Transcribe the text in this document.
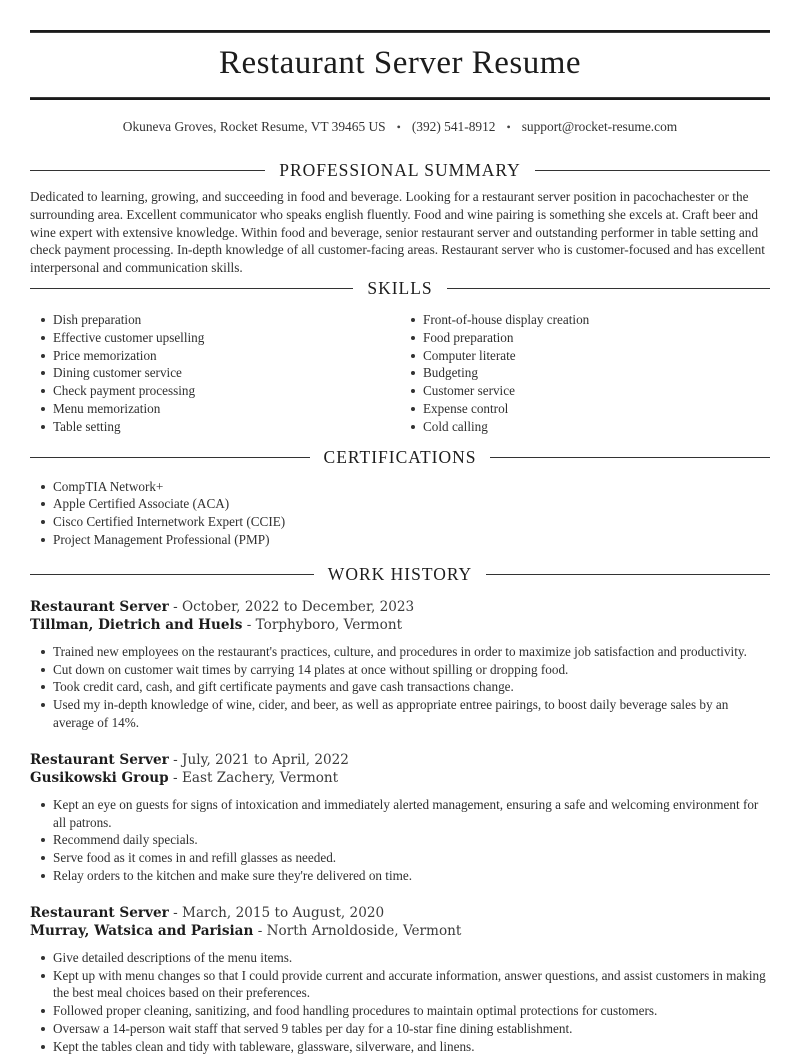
Restaurant Server Resume
Okuneva Groves, Rocket Resume, VT 39465 US • (392) 541-8912 • support@rocket-resume.com
PROFESSIONAL SUMMARY

Dedicated to learning, growing, and succeeding in food and beverage. Looking for a restaurant server position in pacochachester or the surrounding area. Excellent communicator who speaks english fluently. Food and wine pairing is something she excels at. Craft beer and wine expert with extensive knowledge. Within food and beverage, senior restaurant server and outstanding performer in table setting and check payment processing. In-depth knowledge of all customer-facing areas. Restaurant server who is customer-focused and has excellent interpersonal and communication skills.

SKILLS
Dish preparation
Effective customer upselling
Price memorization
Dining customer service
Check payment processing
Menu memorization
Table setting
Front-of-house display creation
Food preparation
Computer literate
Budgeting
Customer service
Expense control
Cold calling
CERTIFICATIONS
CompTIA Network+
Apple Certified Associate (ACA)
Cisco Certified Internetwork Expert (CCIE)
Project Management Professional (PMP)
WORK HISTORY
Restaurant Server - October, 2022 to December, 2023
Tillman, Dietrich and Huels - Torphyboro, Vermont
Trained new employees on the restaurant's practices, culture, and procedures in order to maximize job satisfaction and productivity.
Cut down on customer wait times by carrying 14 plates at once without spilling or dropping food.
Took credit card, cash, and gift certificate payments and gave cash transactions change.
Used my in-depth knowledge of wine, cider, and beer, as well as appropriate entree pairings, to boost daily beverage sales by an average of 14%.
Restaurant Server - July, 2021 to April, 2022
Gusikowski Group - East Zachery, Vermont
Kept an eye on guests for signs of intoxication and immediately alerted management, ensuring a safe and welcoming environment for all patrons.
Recommend daily specials.
Serve food as it comes in and refill glasses as needed.
Relay orders to the kitchen and make sure they're delivered on time.
Restaurant Server - March, 2015 to August, 2020
Murray, Watsica and Parisian - North Arnoldoside, Vermont
Give detailed descriptions of the menu items.
Kept up with menu changes so that I could provide current and accurate information, answer questions, and assist customers in making the best meal choices based on their preferences.
Followed proper cleaning, sanitizing, and food handling procedures to maintain optimal protections for customers.
Oversaw a 14-person wait staff that served 9 tables per day for a 10-star fine dining establishment.
Kept the tables clean and tidy with tableware, glassware, silverware, and linens.
